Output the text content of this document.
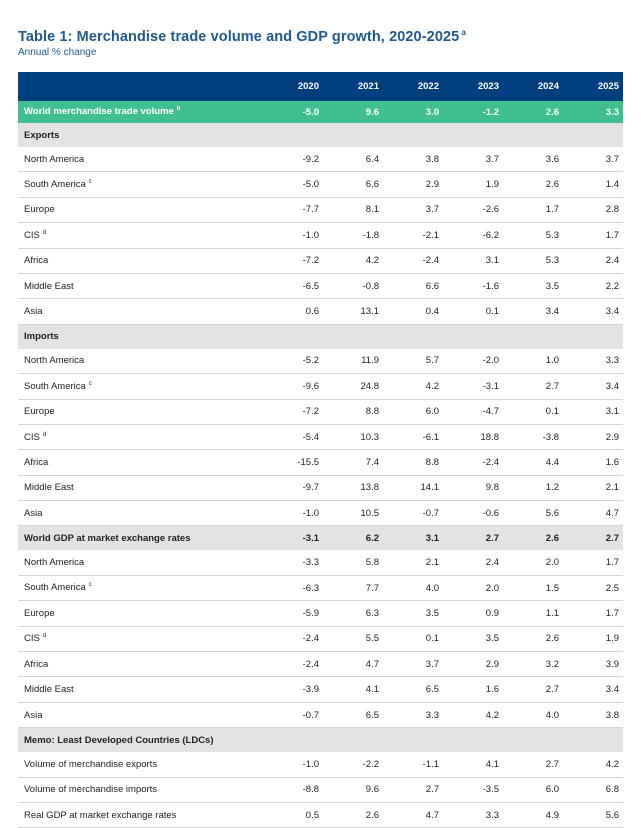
Table 1: Merchandise trade volume and GDP growth, 2020-2025 $^a$
Annual % change
	2020	2021	2022	2023	2024	2025
World merchandise trade volume $^b$	-5.0	9.6	3.0	-1.2	2.6	3.3
Exports						
North America	-9.2	6.4	3.8	3.7	3.6	3.7
South America $^c$	-5.0	6.6	2.9	1.9	2.6	1.4
Europe	-7.7	8.1	3.7	-2.6	1.7	2.8
CIS $^d$	-1.0	-1.8	-2.1	-6.2	5.3	1.7
Africa	-7.2	4.2	-2.4	3.1	5.3	2.4
Middle East	-6.5	-0.8	6.6	-1.6	3.5	2.2
Asia	0.6	13.1	0.4	0.1	3.4	3.4
Imports						
North America	-5.2	11.9	5.7	-2.0	1.0	3.3
South America $^c$	-9.6	24.8	4.2	-3.1	2.7	3.4
Europe	-7.2	8.8	6.0	-4.7	0.1	3.1
CIS $^d$	-5.4	10.3	-6.1	18.8	-3.8	2.9
Africa	-15.5	7.4	8.8	-2.4	4.4	1.6
Middle East	-9.7	13.8	14.1	9.8	1.2	2.1
Asia	-1.0	10.5	-0.7	-0.6	5.6	4.7
World GDP at market exchange rates	-3.1	6.2	3.1	2.7	2.6	2.7
North America	-3.3	5.8	2.1	2.4	2.0	1.7
South America $^c$	-6.3	7.7	4.0	2.0	1.5	2.5
Europe	-5.9	6.3	3.5	0.9	1.1	1.7
CIS $^d$	-2.4	5.5	0.1	3.5	2.6	1.9
Africa	-2.4	4.7	3.7	2.9	3.2	3.9
Middle East	-3.9	4.1	6.5	1.6	2.7	3.4
Asia	-0.7	6.5	3.3	4.2	4.0	3.8
Memo: Least Developed Countries (LDCs)						
Volume of merchandise exports	-1.0	-2.2	-1.1	4.1	2.7	4.2
Volume of merchandise imports	-8.8	9.6	2.7	-3.5	6.0	6.8
Real GDP at market exchange rates	0.5	2.6	4.7	3.3	4.9	5.6
